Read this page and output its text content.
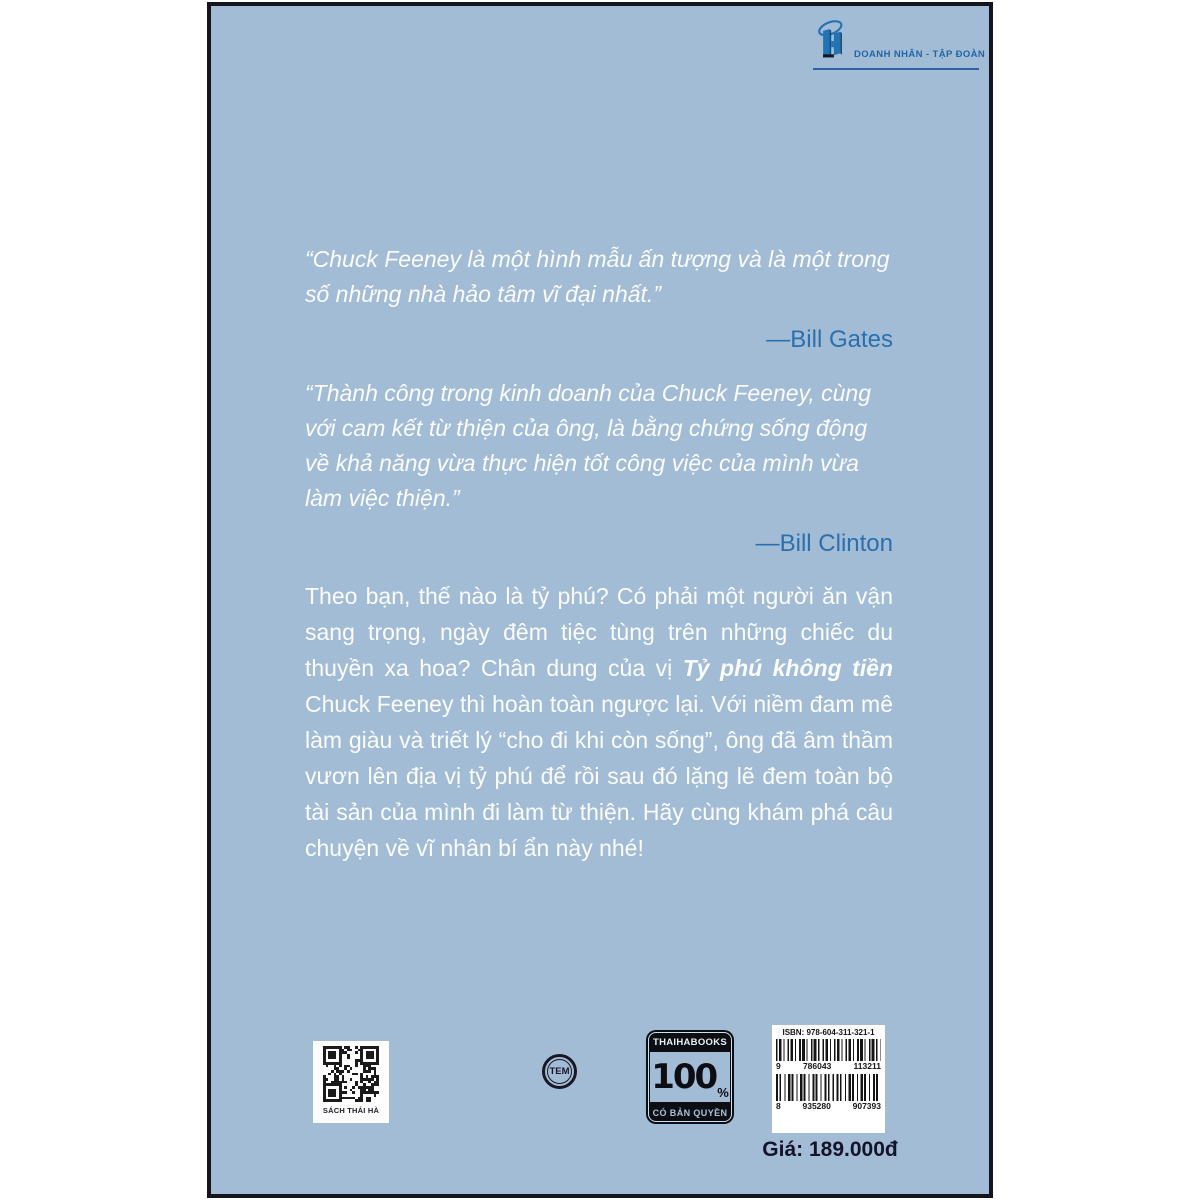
DOANH NHÂN - TẬP ĐOÀN

“Chuck Feeney là một hình mẫu ấn tượng và là một trong số những nhà hảo tâm vĩ đại nhất.”

—Bill Gates

“Thành công trong kinh doanh của Chuck Feeney, cùng với cam kết từ thiện của ông, là bằng chứng sống động về khả năng vừa thực hiện tốt công việc của mình vừa làm việc thiện.”

—Bill Clinton

Theo bạn, thế nào là tỷ phú? Có phải một người ăn vận sang trọng, ngày đêm tiệc tùng trên những chiếc du thuyền xa hoa? Chân dung của vị Tỷ phú không tiền Chuck Feeney thì hoàn toàn ngược lại. Với niềm đam mê làm giàu và triết lý “cho đi khi còn sống”, ông đã âm thầm vươn lên địa vị tỷ phú để rồi sau đó lặng lẽ đem toàn bộ tài sản của mình đi làm từ thiện. Hãy cùng khám phá câu chuyện về vĩ nhân bí ẩn này nhé!

SÁCH THÁI HÀ
TEM
THAIHABOOKS
100 %
CÓ BẢN QUYỀN
ISBN: 978-604-311-321-1
9	786043	113211
8	935280	907393
Giá: 189.000đ
